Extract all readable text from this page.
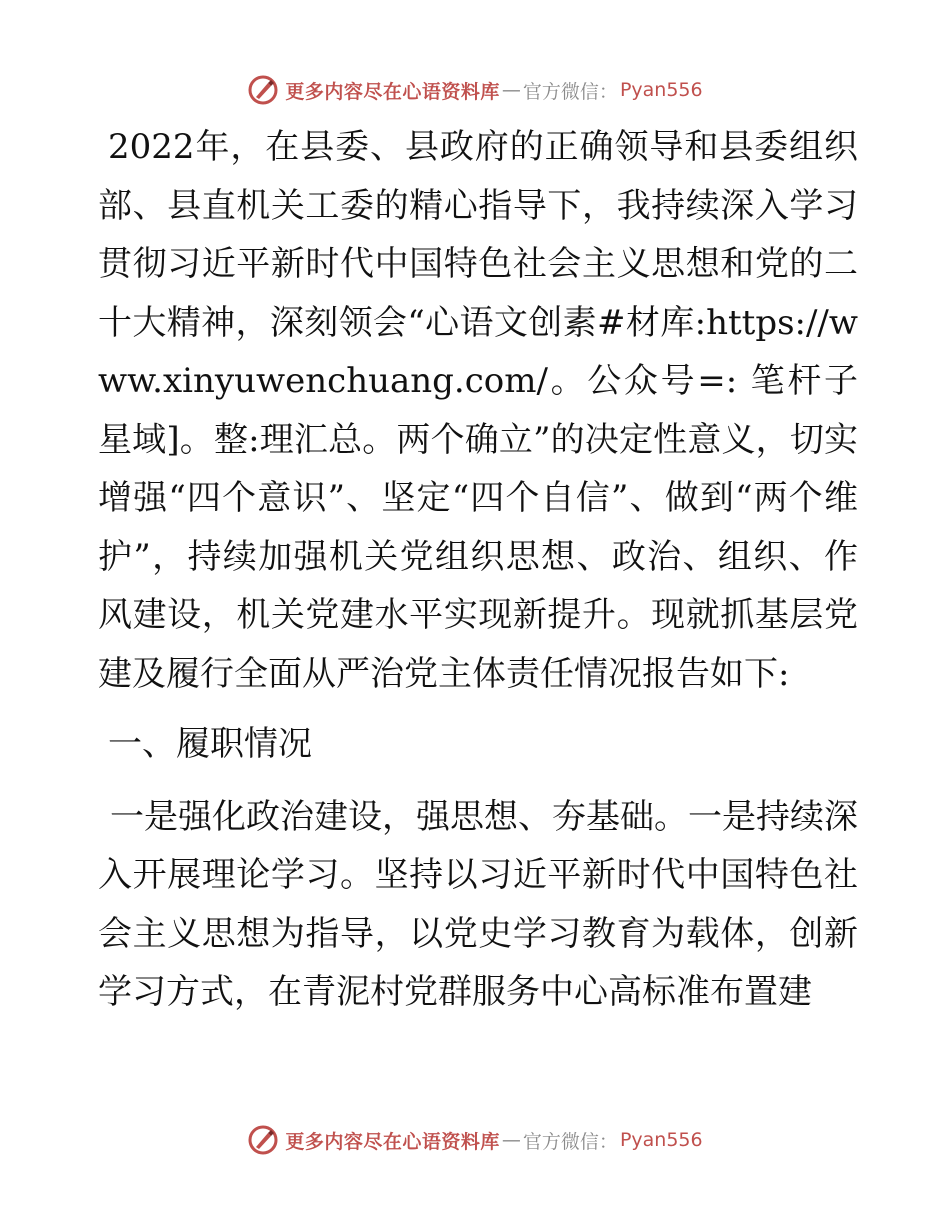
更多内容尽在心语资料库 — 官方微信： Pyan556

2022年，在县委、县政府的正确领导和县委组织部、县直机关工委的精心指导下，我持续深入学习贯彻习近平新时代中国特色社会主义思想和党的二十大精神，深刻领会“心语文创素#材库:https://www.xinyuwenchuang.com/。公众号=: 笔杆子星域]。整:理汇总。两个确立”的决定性意义，切实增强“四个意识”、坚定“四个自信”、做到“两个维护”，持续加强机关党组织思想、政治、组织、作风建设，机关党建水平实现新提升。现就抓基层党建及履行全面从严治党主体责任情况报告如下:

一、履职情况

一是强化政治建设，强思想、夯基础。一是持续深入开展理论学习。坚持以习近平新时代中国特色社会主义思想为指导，以党史学习教育为载体，创新学习方式，在青泥村党群服务中心高标准布置建

更多内容尽在心语资料库 — 官方微信： Pyan556
